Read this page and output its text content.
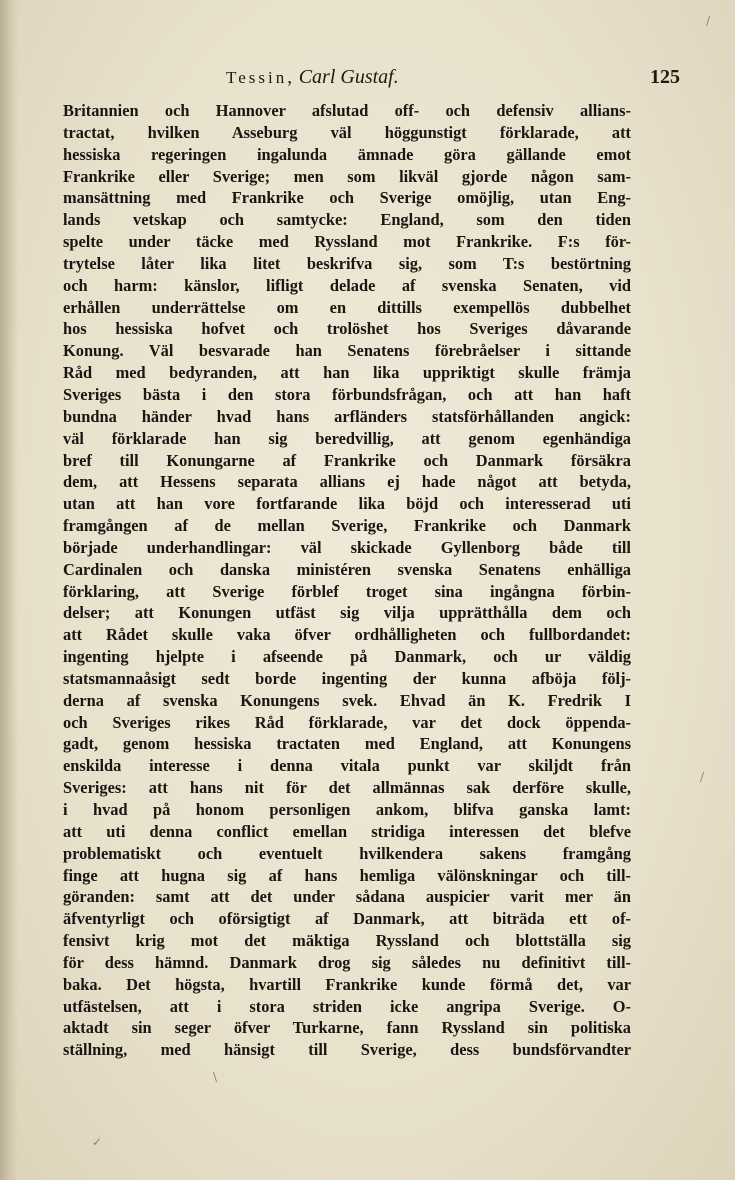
Tessin, Carl Gustaf.	125
Britannien och Hannover afslutad off- och defensiv allians-
tractat, hvilken Asseburg väl höggunstigt förklarade, att
hessiska regeringen ingalunda ämnade göra gällande emot
Frankrike eller Sverige; men som likväl gjorde någon sam-
mansättning med Frankrike och Sverige omöjlig, utan Eng-
lands vetskap och samtycke: England, som den tiden
spelte under täcke med Ryssland mot Frankrike. F:s för-
trytelse låter lika litet beskrifva sig, som T:s bestörtning
och harm: känslor, lifligt delade af svenska Senaten, vid
erhållen underrättelse om en dittills exempellös dubbelhet
hos hessiska hofvet och trolöshet hos Sveriges dåvarande
Konung. Väl besvarade han Senatens förebråelser i sittande
Råd med bedyranden, att han lika uppriktigt skulle främja
Sveriges bästa i den stora förbundsfrågan, och att han haft
bundna händer hvad hans arfländers statsförhållanden angick:
väl förklarade han sig beredvillig, att genom egenhändiga
bref till Konungarne af Frankrike och Danmark försäkra
dem, att Hessens separata allians ej hade något att betyda,
utan att han vore fortfarande lika böjd och interesserad uti
framgången af de mellan Sverige, Frankrike och Danmark
började underhandlingar: väl skickade Gyllenborg både till
Cardinalen och danska ministéren svenska Senatens enhälliga
förklaring, att Sverige förblef troget sina ingångna förbin-
delser; att Konungen utfäst sig vilja upprätthålla dem och
att Rådet skulle vaka öfver ordhålligheten och fullbordandet:
ingenting hjelpte i afseende på Danmark, och ur väldig
statsmannaåsigt sedt borde ingenting der kunna afböja följ-
derna af svenska Konungens svek. Ehvad än K. Fredrik I
och Sveriges rikes Råd förklarade, var det dock öppenda-
gadt, genom hessiska tractaten med England, att Konungens
enskilda interesse i denna vitala punkt var skiljdt från
Sveriges: att hans nit för det allmännas sak derföre skulle,
i hvad på honom personligen ankom, blifva ganska lamt:
att uti denna conflict emellan stridiga interessen det blefve
problematiskt och eventuelt hvilkendera sakens framgång
finge att hugna sig af hans hemliga välönskningar och till-
göranden: samt att det under sådana auspicier varit mer än
äfventyrligt och oförsigtigt af Danmark, att biträda ett of-
fensivt krig mot det mäktiga Ryssland och blottställa sig
för dess hämnd. Danmark drog sig således nu definitivt till-
baka. Det högsta, hvartill Frankrike kunde förmå det, var
utfästelsen, att i stora striden icke angripa Sverige. O-
aktadt sin seger öfver Turkarne, fann Ryssland sin politiska
ställning, med hänsigt till Sverige, dess bundsförvandter
/
/
\
✓
